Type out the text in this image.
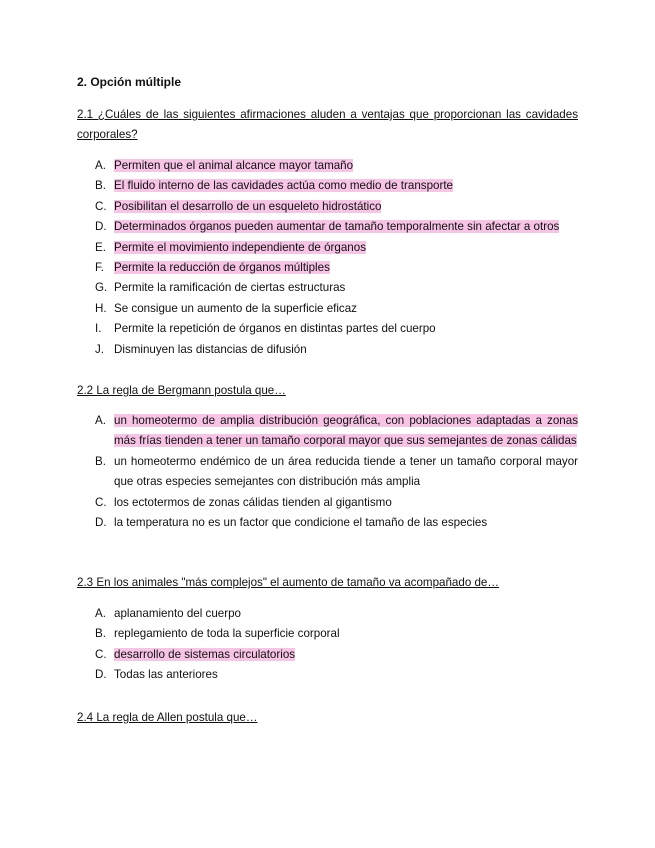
2. Opción múltiple

2.1 ¿Cuáles de las siguientes afirmaciones aluden a ventajas que proporcionan las cavidades corporales?

A. Permiten que el animal alcance mayor tamaño
B. El fluido interno de las cavidades actúa como medio de transporte
C. Posibilitan el desarrollo de un esqueleto hidrostático
D. Determinados órganos pueden aumentar de tamaño temporalmente sin afectar a otros
E. Permite el movimiento independiente de órganos
F. Permite la reducción de órganos múltiples
G. Permite la ramificación de ciertas estructuras
H. Se consigue un aumento de la superficie eficaz
I. Permite la repetición de órganos en distintas partes del cuerpo
J. Disminuyen las distancias de difusión

2.2 La regla de Bergmann postula que…

A. un homeotermo de amplia distribución geográfica, con poblaciones adaptadas a zonas más frías tienden a tener un tamaño corporal mayor que sus semejantes de zonas cálidas
B. un homeotermo endémico de un área reducida tiende a tener un tamaño corporal mayor que otras especies semejantes con distribución más amplia
C. los ectotermos de zonas cálidas tienden al gigantismo
D. la temperatura no es un factor que condicione el tamaño de las especies

2.3 En los animales "más complejos" el aumento de tamaño va acompañado de…

A. aplanamiento del cuerpo
B. replegamiento de toda la superficie corporal
C. desarrollo de sistemas circulatorios
D. Todas las anteriores

2.4 La regla de Allen postula que…
